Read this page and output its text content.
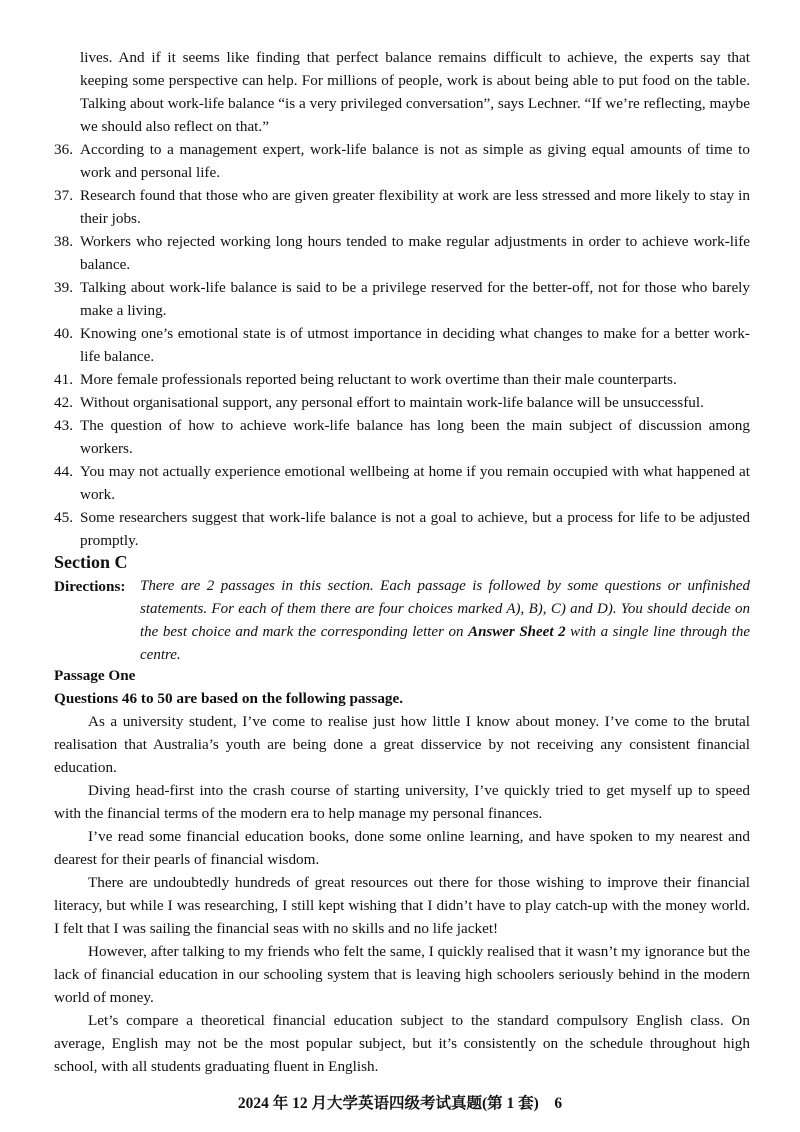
lives. And if it seems like finding that perfect balance remains difficult to achieve, the experts say that keeping some perspective can help. For millions of people, work is about being able to put food on the table. Talking about work-life balance “is a very privileged conversation”, says Lechner. “If we’re reflecting, maybe we should also reflect on that.”
36. According to a management expert, work-life balance is not as simple as giving equal amounts of time to work and personal life.
37. Research found that those who are given greater flexibility at work are less stressed and more likely to stay in their jobs.
38. Workers who rejected working long hours tended to make regular adjustments in order to achieve work-life balance.
39. Talking about work-life balance is said to be a privilege reserved for the better-off, not for those who barely make a living.
40. Knowing one’s emotional state is of utmost importance in deciding what changes to make for a better work-life balance.
41. More female professionals reported being reluctant to work overtime than their male counterparts.
42. Without organisational support, any personal effort to maintain work-life balance will be unsuccessful.
43. The question of how to achieve work-life balance has long been the main subject of discussion among workers.
44. You may not actually experience emotional wellbeing at home if you remain occupied with what happened at work.
45. Some researchers suggest that work-life balance is not a goal to achieve, but a process for life to be adjusted promptly.
Section C
Directions: There are 2 passages in this section. Each passage is followed by some questions or unfinished statements. For each of them there are four choices marked A), B), C) and D). You should decide on the best choice and mark the corresponding letter on Answer Sheet 2 with a single line through the centre.
Passage One
Questions 46 to 50 are based on the following passage.
As a university student, I’ve come to realise just how little I know about money. I’ve come to the brutal realisation that Australia’s youth are being done a great disservice by not receiving any consistent financial education.
Diving head-first into the crash course of starting university, I’ve quickly tried to get myself up to speed with the financial terms of the modern era to help manage my personal finances.
I’ve read some financial education books, done some online learning, and have spoken to my nearest and dearest for their pearls of financial wisdom.
There are undoubtedly hundreds of great resources out there for those wishing to improve their financial literacy, but while I was researching, I still kept wishing that I didn’t have to play catch-up with the money world. I felt that I was sailing the financial seas with no skills and no life jacket!
However, after talking to my friends who felt the same, I quickly realised that it wasn’t my ignorance but the lack of financial education in our schooling system that is leaving high schoolers seriously behind in the modern world of money.
Let’s compare a theoretical financial education subject to the standard compulsory English class. On average, English may not be the most popular subject, but it’s consistently on the schedule throughout high school, with all students graduating fluent in English.
2024 年 12 月大学英语四级考试真题(第 1 套)　6
